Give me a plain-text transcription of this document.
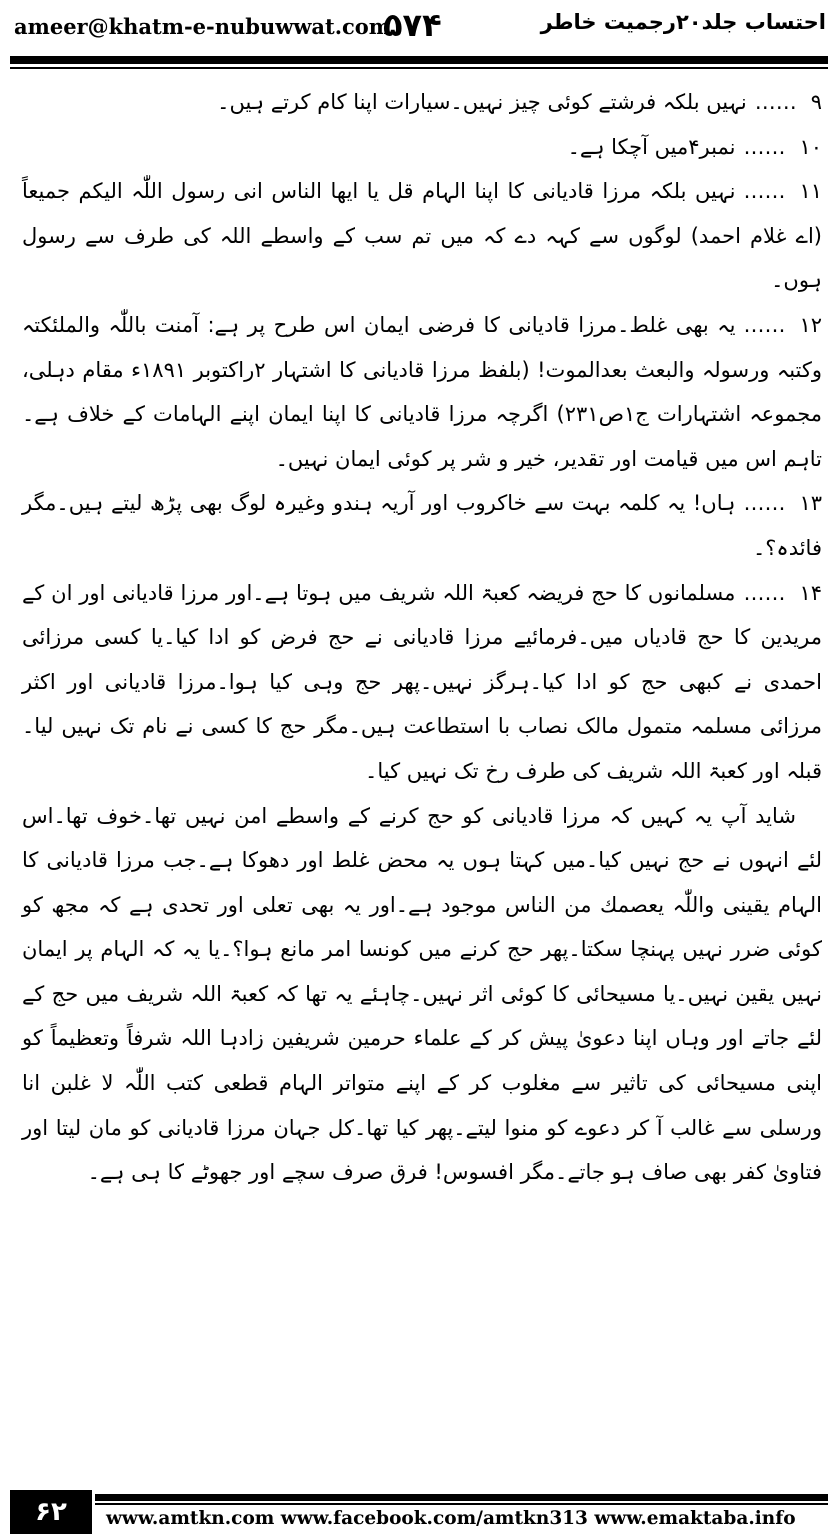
ameer@khatm-e-nubuwwat.com
۵۷۴	احتساب جلد۲۰رجمیت خاطر

۹……نہیں بلکہ فرشتے کوئی چیز نہیں۔سیارات اپنا کام کرتے ہیں۔

۱۰……نمبر۴میں آچکا ہے۔

۱۱……نہیں بلکہ مرزا قادیانی کا اپنا الہام قل یا ایھا الناس انی رسول اللّٰہ الیکم جمیعاً (اے غلام احمد) لوگوں سے کہہ دے کہ میں تم سب کے واسطے اللہ کی طرف سے رسول ہوں۔

۱۲……یہ بھی غلط۔مرزا قادیانی کا فرضی ایمان اس طرح پر ہے: آمنت باللّٰہ والملئکتہ وکتبہ ورسولہ والبعث بعدالموت! (بلفظ مرزا قادیانی کا اشتہار ۲راکتوبر ۱۸۹۱ء مقام دہلی، مجموعہ اشتہارات ج۱ص۲۳۱) اگرچہ مرزا قادیانی کا اپنا ایمان اپنے الہامات کے خلاف ہے۔تاہم اس میں قیامت اور تقدیر، خیر و شر پر کوئی ایمان نہیں۔

۱۳……ہاں! یہ کلمہ بہت سے خاکروب اور آریہ ہندو وغیرہ لوگ بھی پڑھ لیتے ہیں۔مگر فائدہ؟۔

۱۴……مسلمانوں کا حج فریضہ کعبۃ اللہ شریف میں ہوتا ہے۔اور مرزا قادیانی اور ان کے مریدین کا حج قادیاں میں۔فرمائیے مرزا قادیانی نے حج فرض کو ادا کیا۔یا کسی مرزائی احمدی نے کبھی حج کو ادا کیا۔ہرگز نہیں۔پھر حج وہی کیا ہوا۔مرزا قادیانی اور اکثر مرزائی مسلمہ متمول مالک نصاب با استطاعت ہیں۔مگر حج کا کسی نے نام تک نہیں لیا۔قبلہ اور کعبۃ اللہ شریف کی طرف رخ تک نہیں کیا۔

شاید آپ یہ کہیں کہ مرزا قادیانی کو حج کرنے کے واسطے امن نہیں تھا۔خوف تھا۔اس لئے انہوں نے حج نہیں کیا۔میں کہتا ہوں یہ محض غلط اور دھوکا ہے۔جب مرزا قادیانی کا الہام یقینی واللّٰہ یعصمك من الناس موجود ہے۔اور یہ بھی تعلی اور تحدی ہے کہ مجھ کو کوئی ضرر نہیں پہنچا سکتا۔پھر حج کرنے میں کونسا امر مانع ہوا؟۔یا یہ کہ الہام پر ایمان نہیں یقین نہیں۔یا مسیحائی کا کوئی اثر نہیں۔چاہئے یہ تھا کہ کعبۃ اللہ شریف میں حج کے لئے جاتے اور وہاں اپنا دعویٰ پیش کر کے علماء حرمین شریفین زادہا اللہ شرفاً وتعظیماً کو اپنی مسیحائی کی تاثیر سے مغلوب کر کے اپنے متواتر الہام قطعی کتب اللّٰہ لا غلبن انا ورسلی سے غالب آ کر دعوے کو منوا لیتے۔پھر کیا تھا۔کل جہان مرزا قادیانی کو مان لیتا اور فتاویٰ کفر بھی صاف ہو جاتے۔مگر افسوس! فرق صرف سچے اور جھوٹے کا ہی ہے۔

۶۲	www.amtkn.com www.facebook.com/amtkn313 www.emaktaba.info
